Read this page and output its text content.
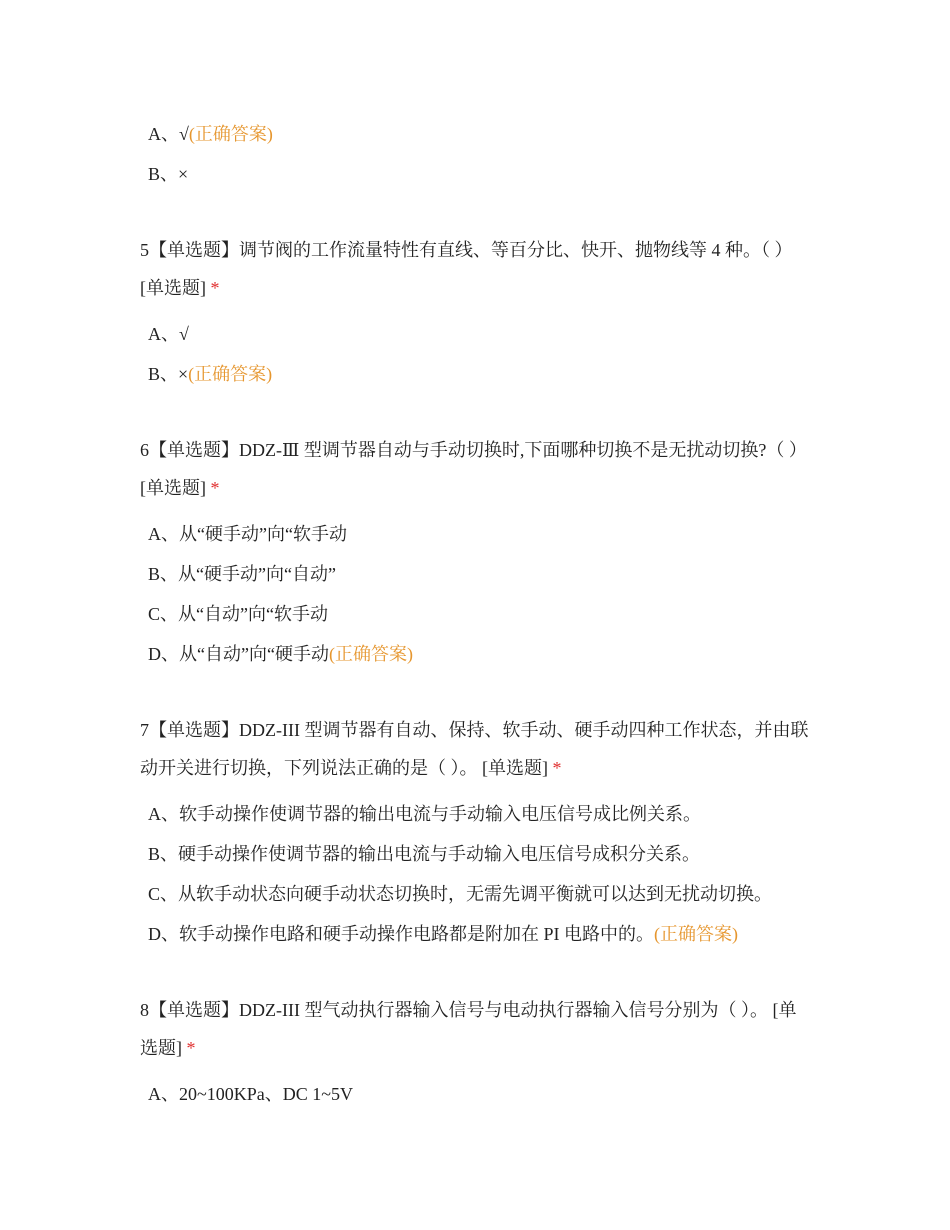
A、√(正确答案)
B、×

5【单选题】调节阀的工作流量特性有直线、等百分比、快开、抛物线等 4 种。（ ） [单选题] *

A、√
B、×(正确答案)

6【单选题】DDZ-Ⅲ 型调节器自动与手动切换时,下面哪种切换不是无扰动切换?（ ） [单选题] *

A、从“硬手动”向“软手动
B、从“硬手动”向“自动”
C、从“自动”向“软手动
D、从“自动”向“硬手动(正确答案)

7【单选题】DDZ-III 型调节器有自动、保持、软手动、硬手动四种工作状态，并由联动开关进行切换，下列说法正确的是（ ）。 [单选题] *

A、软手动操作使调节器的输出电流与手动输入电压信号成比例关系。
B、硬手动操作使调节器的输出电流与手动输入电压信号成积分关系。
C、从软手动状态向硬手动状态切换时，无需先调平衡就可以达到无扰动切换。
D、软手动操作电路和硬手动操作电路都是附加在 PI 电路中的。(正确答案)

8【单选题】DDZ-III 型气动执行器输入信号与电动执行器输入信号分别为（ ）。 [单选题] *

A、20~100KPa、DC 1~5V
